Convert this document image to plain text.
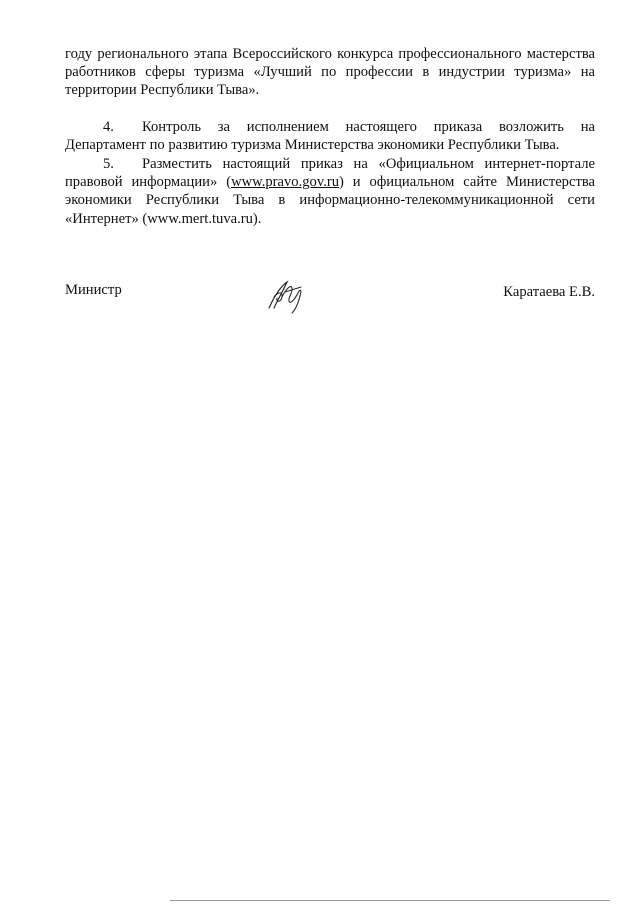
году регионального этапа Всероссийского конкурса профессионального мастерства работников сферы туризма «Лучший по профессии в индустрии туризма» на территории Республики Тыва».
4. Контроль за исполнением настоящего приказа возложить на Департамент по развитию туризма Министерства экономики Республики Тыва.
5. Разместить настоящий приказ на «Официальном интернет-портале правовой информации» (www.pravo.gov.ru) и официальном сайте Министерства экономики Республики Тыва в информационно-телекоммуникационной сети «Интернет» (www.mert.tuva.ru).
Министр	Каратаева Е.В.
